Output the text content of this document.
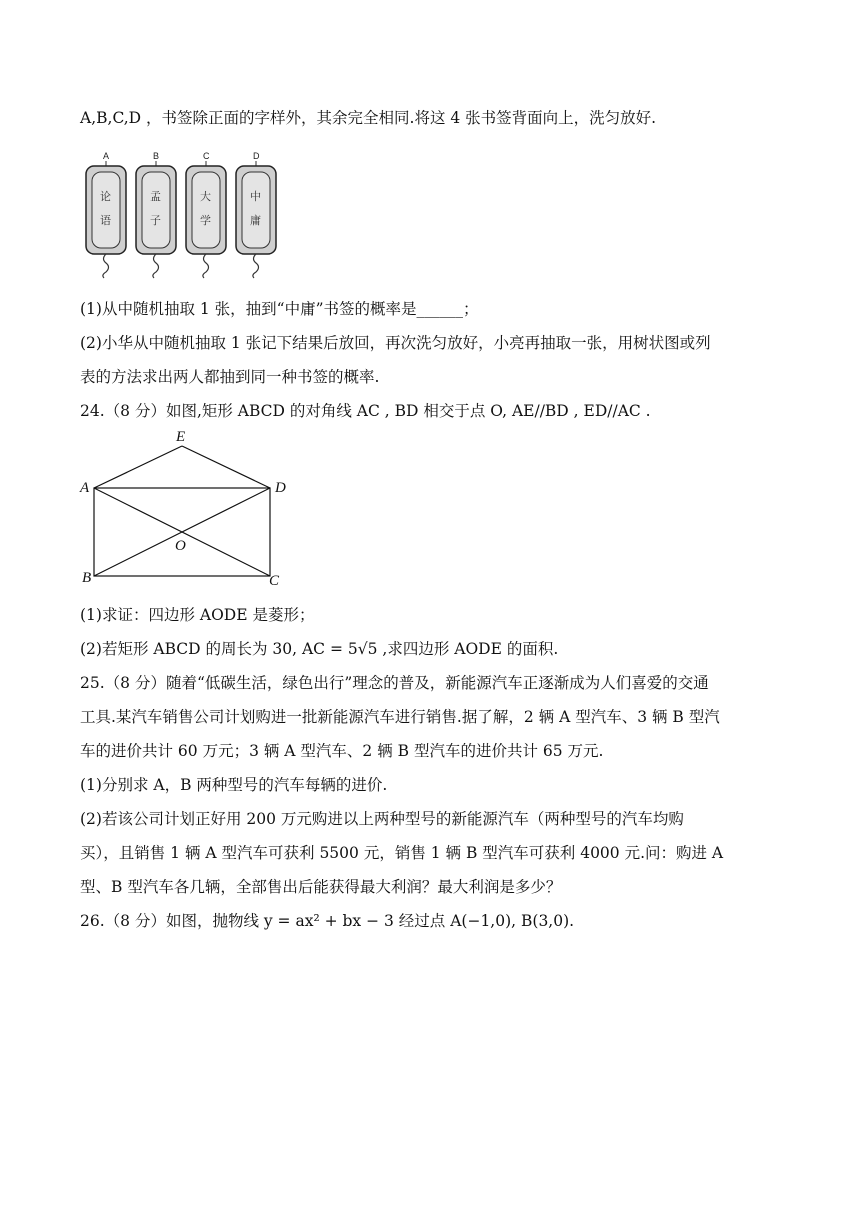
A,B,C,D ，书签除正面的字样外，其余完全相同.将这 4 张书签背面向上，洗匀放好.
A
论
语
B
孟
子
C
大
学
D
中
庸
(1)从中随机抽取 1 张，抽到“中庸”书签的概率是______；
(2)小华从中随机抽取 1 张记下结果后放回，再次洗匀放好，小亮再抽取一张，用树状图或列
表的方法求出两人都抽到同一种书签的概率.
24.（8 分）如图,矩形 ABCD 的对角线 AC , BD 相交于点 O, AE//BD , ED//AC .
E
A	D
O
B	C
(1)求证：四边形 AODE 是菱形；
(2)若矩形 ABCD 的周长为 30, AC = 5√5 ,求四边形 AODE 的面积.
25.（8 分）随着“低碳生活，绿色出行”理念的普及，新能源汽车正逐渐成为人们喜爱的交通
工具.某汽车销售公司计划购进一批新能源汽车进行销售.据了解，2 辆 A 型汽车、3 辆 B 型汽
车的进价共计 60 万元；3 辆 A 型汽车、2 辆 B 型汽车的进价共计 65 万元.
(1)分别求 A，B 两种型号的汽车每辆的进价.
(2)若该公司计划正好用 200 万元购进以上两种型号的新能源汽车（两种型号的汽车均购
买），且销售 1 辆 A 型汽车可获利 5500 元，销售 1 辆 B 型汽车可获利 4000 元.问：购进 A
型、B 型汽车各几辆，全部售出后能获得最大利润？最大利润是多少？
26.（8 分）如图，抛物线 y = ax² + bx − 3 经过点 A(−1,0), B(3,0).
